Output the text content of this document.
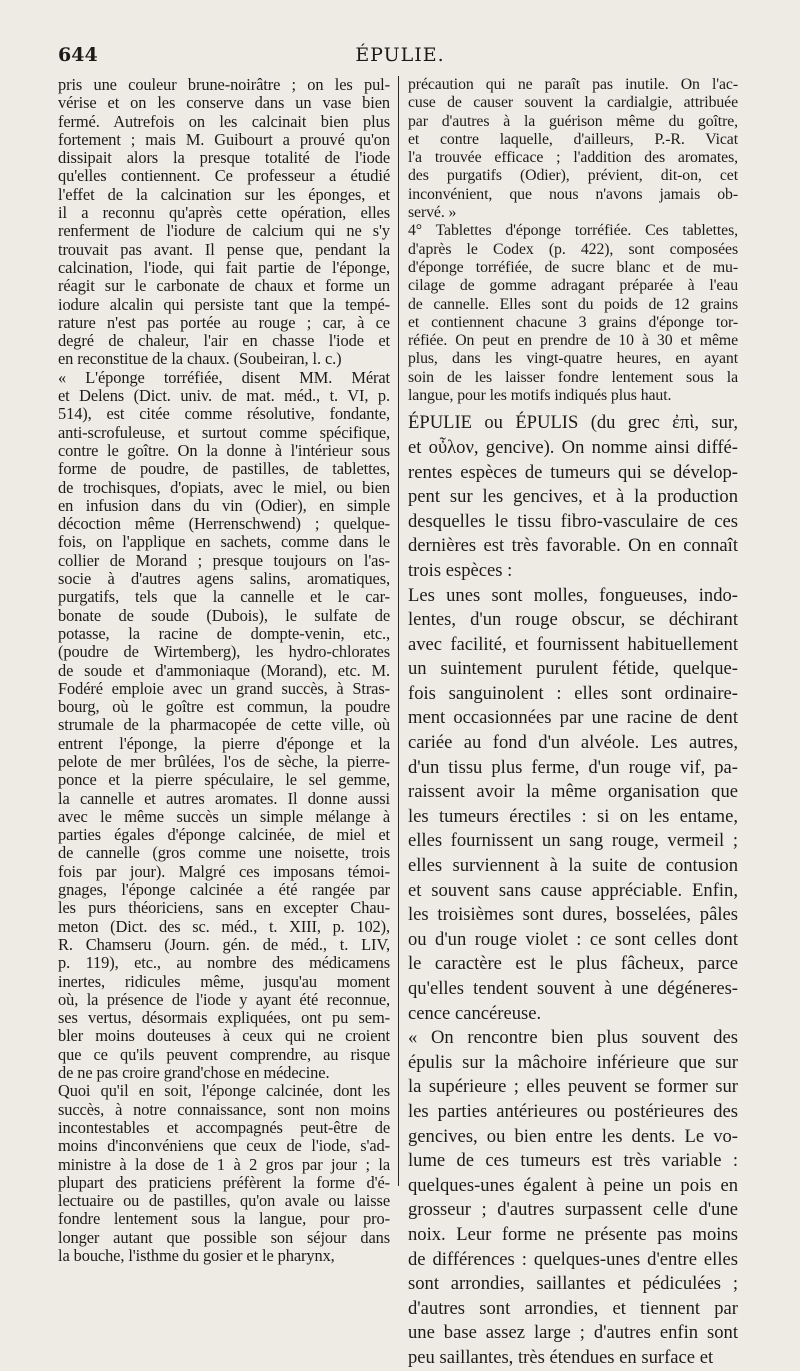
644	ÉPULIE.
pris une couleur brune-noirâtre ; on les pul-
vérise et on les conserve dans un vase bien
fermé. Autrefois on les calcinait bien plus
fortement ; mais M. Guibourt a prouvé qu'on
dissipait alors la presque totalité de l'iode
qu'elles contiennent. Ce professeur a étudié
l'effet de la calcination sur les éponges, et
il a reconnu qu'après cette opération, elles
renferment de l'iodure de calcium qui ne s'y
trouvait pas avant. Il pense que, pendant la
calcination, l'iode, qui fait partie de l'éponge,
réagit sur le carbonate de chaux et forme un
iodure alcalin qui persiste tant que la tempé-
rature n'est pas portée au rouge ; car, à ce
degré de chaleur, l'air en chasse l'iode et
en reconstitue de la chaux. (Soubeiran, l. c.)
« L'éponge torréfiée, disent MM. Mérat
et Delens (Dict. univ. de mat. méd., t. VI, p.
514), est citée comme résolutive, fondante,
anti-scrofuleuse, et surtout comme spécifique,
contre le goître. On la donne à l'intérieur sous
forme de poudre, de pastilles, de tablettes,
de trochisques, d'opiats, avec le miel, ou bien
en infusion dans du vin (Odier), en simple
décoction même (Herrenschwend) ; quelque-
fois, on l'applique en sachets, comme dans le
collier de Morand ; presque toujours on l'as-
socie à d'autres agens salins, aromatiques,
purgatifs, tels que la cannelle et le car-
bonate de soude (Dubois), le sulfate de
potasse, la racine de dompte-venin, etc.,
(poudre de Wirtemberg), les hydro-chlorates
de soude et d'ammoniaque (Morand), etc. M.
Fodéré emploie avec un grand succès, à Stras-
bourg, où le goître est commun, la poudre
strumale de la pharmacopée de cette ville, où
entrent l'éponge, la pierre d'éponge et la
pelote de mer brûlées, l'os de sèche, la pierre-
ponce et la pierre spéculaire, le sel gemme,
la cannelle et autres aromates. Il donne aussi
avec le même succès un simple mélange à
parties égales d'éponge calcinée, de miel et
de cannelle (gros comme une noisette, trois
fois par jour). Malgré ces imposans témoi-
gnages, l'éponge calcinée a été rangée par
les purs théoriciens, sans en excepter Chau-
meton (Dict. des sc. méd., t. XIII, p. 102),
R. Chamseru (Journ. gén. de méd., t. LIV,
p. 119), etc., au nombre des médicamens
inertes, ridicules même, jusqu'au moment
où, la présence de l'iode y ayant été reconnue,
ses vertus, désormais expliquées, ont pu sem-
bler moins douteuses à ceux qui ne croient
que ce qu'ils peuvent comprendre, au risque
de ne pas croire grand'chose en médecine.
Quoi qu'il en soit, l'éponge calcinée, dont les
succès, à notre connaissance, sont non moins
incontestables et accompagnés peut-être de
moins d'inconvéniens que ceux de l'iode, s'ad-
ministre à la dose de 1 à 2 gros par jour ; la
plupart des praticiens préfèrent la forme d'é-
lectuaire ou de pastilles, qu'on avale ou laisse
fondre lentement sous la langue, pour pro-
longer autant que possible son séjour dans
la bouche, l'isthme du gosier et le pharynx,
précaution qui ne paraît pas inutile. On l'ac-
cuse de causer souvent la cardialgie, attribuée
par d'autres à la guérison même du goître,
et contre laquelle, d'ailleurs, P.-R. Vicat
l'a trouvée efficace ; l'addition des aromates,
des purgatifs (Odier), prévient, dit-on, cet
inconvénient, que nous n'avons jamais ob-
servé. »
4° Tablettes d'éponge torréfiée. Ces tablettes,
d'après le Codex (p. 422), sont composées
d'éponge torréfiée, de sucre blanc et de mu-
cilage de gomme adragant préparée à l'eau
de cannelle. Elles sont du poids de 12 grains
et contiennent chacune 3 grains d'éponge tor-
réfiée. On peut en prendre de 10 à 30 et même
plus, dans les vingt-quatre heures, en ayant
soin de les laisser fondre lentement sous la
langue, pour les motifs indiqués plus haut.
ÉPULIE ou ÉPULIS (du grec ἐπὶ, sur,
et οὖλον, gencive). On nomme ainsi diffé-
rentes espèces de tumeurs qui se dévelop-
pent sur les gencives, et à la production
desquelles le tissu fibro-vasculaire de ces
dernières est très favorable. On en connaît
trois espèces :
Les unes sont molles, fongueuses, indo-
lentes, d'un rouge obscur, se déchirant
avec facilité, et fournissent habituellement
un suintement purulent fétide, quelque-
fois sanguinolent : elles sont ordinaire-
ment occasionnées par une racine de dent
cariée au fond d'un alvéole. Les autres,
d'un tissu plus ferme, d'un rouge vif, pa-
raissent avoir la même organisation que
les tumeurs érectiles : si on les entame,
elles fournissent un sang rouge, vermeil ;
elles surviennent à la suite de contusion
et souvent sans cause appréciable. Enfin,
les troisièmes sont dures, bosselées, pâles
ou d'un rouge violet : ce sont celles dont
le caractère est le plus fâcheux, parce
qu'elles tendent souvent à une dégéneres-
cence cancéreuse.
« On rencontre bien plus souvent des
épulis sur la mâchoire inférieure que sur
la supérieure ; elles peuvent se former sur
les parties antérieures ou postérieures des
gencives, ou bien entre les dents. Le vo-
lume de ces tumeurs est très variable :
quelques-unes égalent à peine un pois en
grosseur ; d'autres surpassent celle d'une
noix. Leur forme ne présente pas moins
de différences : quelques-unes d'entre elles
sont arrondies, saillantes et pédiculées ;
d'autres sont arrondies, et tiennent par
une base assez large ; d'autres enfin sont
peu saillantes, très étendues en surface et
